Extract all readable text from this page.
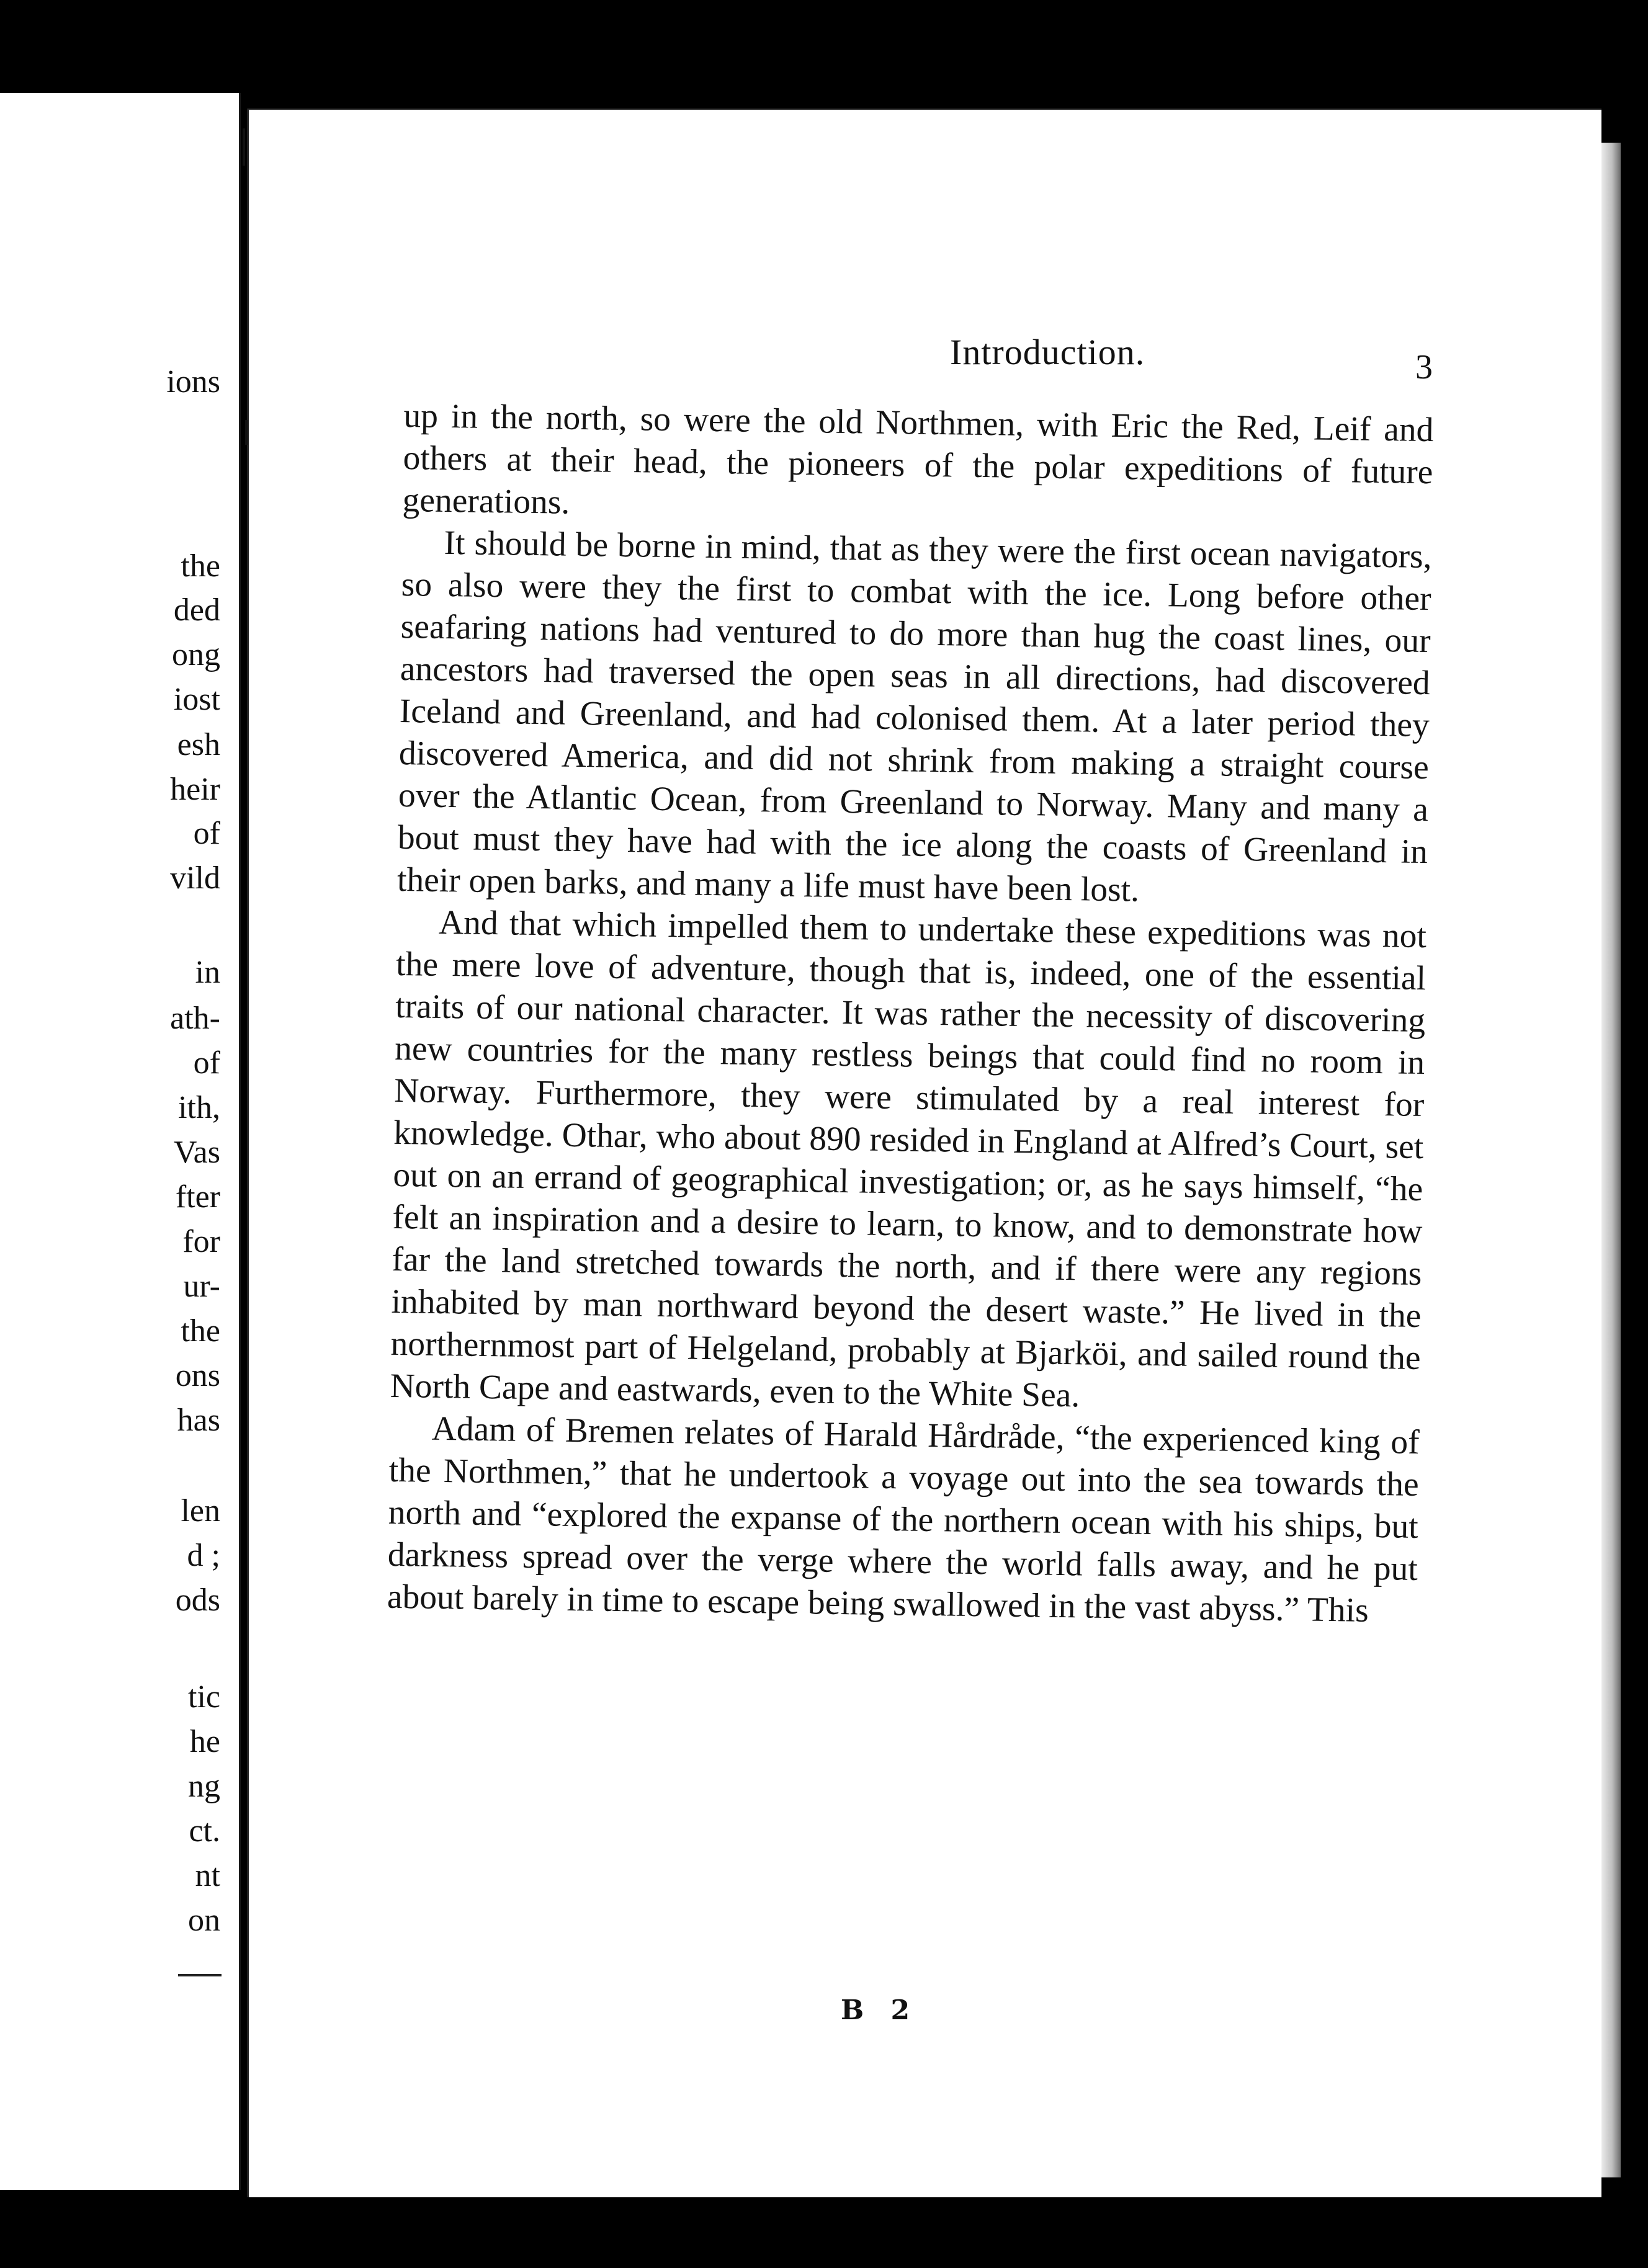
ions
the
ded
ong
iost
esh
heir
of
vild
in
ath-
of
ith,
Vas
fter
for
ur-
the
ons
has
len
d ;
ods
tic
he
ng
ct.
nt
on
Introduction.	3

up in the north, so were the old Northmen, with Eric the Red, Leif and others at their head, the pioneers of the polar expeditions of future generations.

It should be borne in mind, that as they were the first ocean navigators, so also were they the first to combat with the ice. Long before other seafaring nations had ventured to do more than hug the coast lines, our ancestors had traversed the open seas in all directions, had discovered Iceland and Greenland, and had colonised them. At a later period they discovered America, and did not shrink from making a straight course over the Atlantic Ocean, from Greenland to Norway. Many and many a bout must they have had with the ice along the coasts of Greenland in their open barks, and many a life must have been lost.

And that which impelled them to undertake these expeditions was not the mere love of adventure, though that is, indeed, one of the essential traits of our national character. It was rather the necessity of discovering new countries for the many restless beings that could find no room in Norway. Furthermore, they were stimulated by a real interest for knowledge. Othar, who about 890 resided in England at Alfred’s Court, set out on an errand of geographical investigation; or, as he says himself, “he felt an inspiration and a desire to learn, to know, and to demonstrate how far the land stretched towards the north, and if there were any regions inhabited by man northward beyond the desert waste.” He lived in the northernmost part of Helgeland, probably at Bjarköi, and sailed round the North Cape and eastwards, even to the White Sea.

Adam of Bremen relates of Harald Hårdråde, “the experienced king of the Northmen,” that he undertook a voyage out into the sea towards the north and “explored the expanse of the northern ocean with his ships, but darkness spread over the verge where the world falls away, and he put about barely in time to escape being swallowed in the vast abyss.” This

B 2
